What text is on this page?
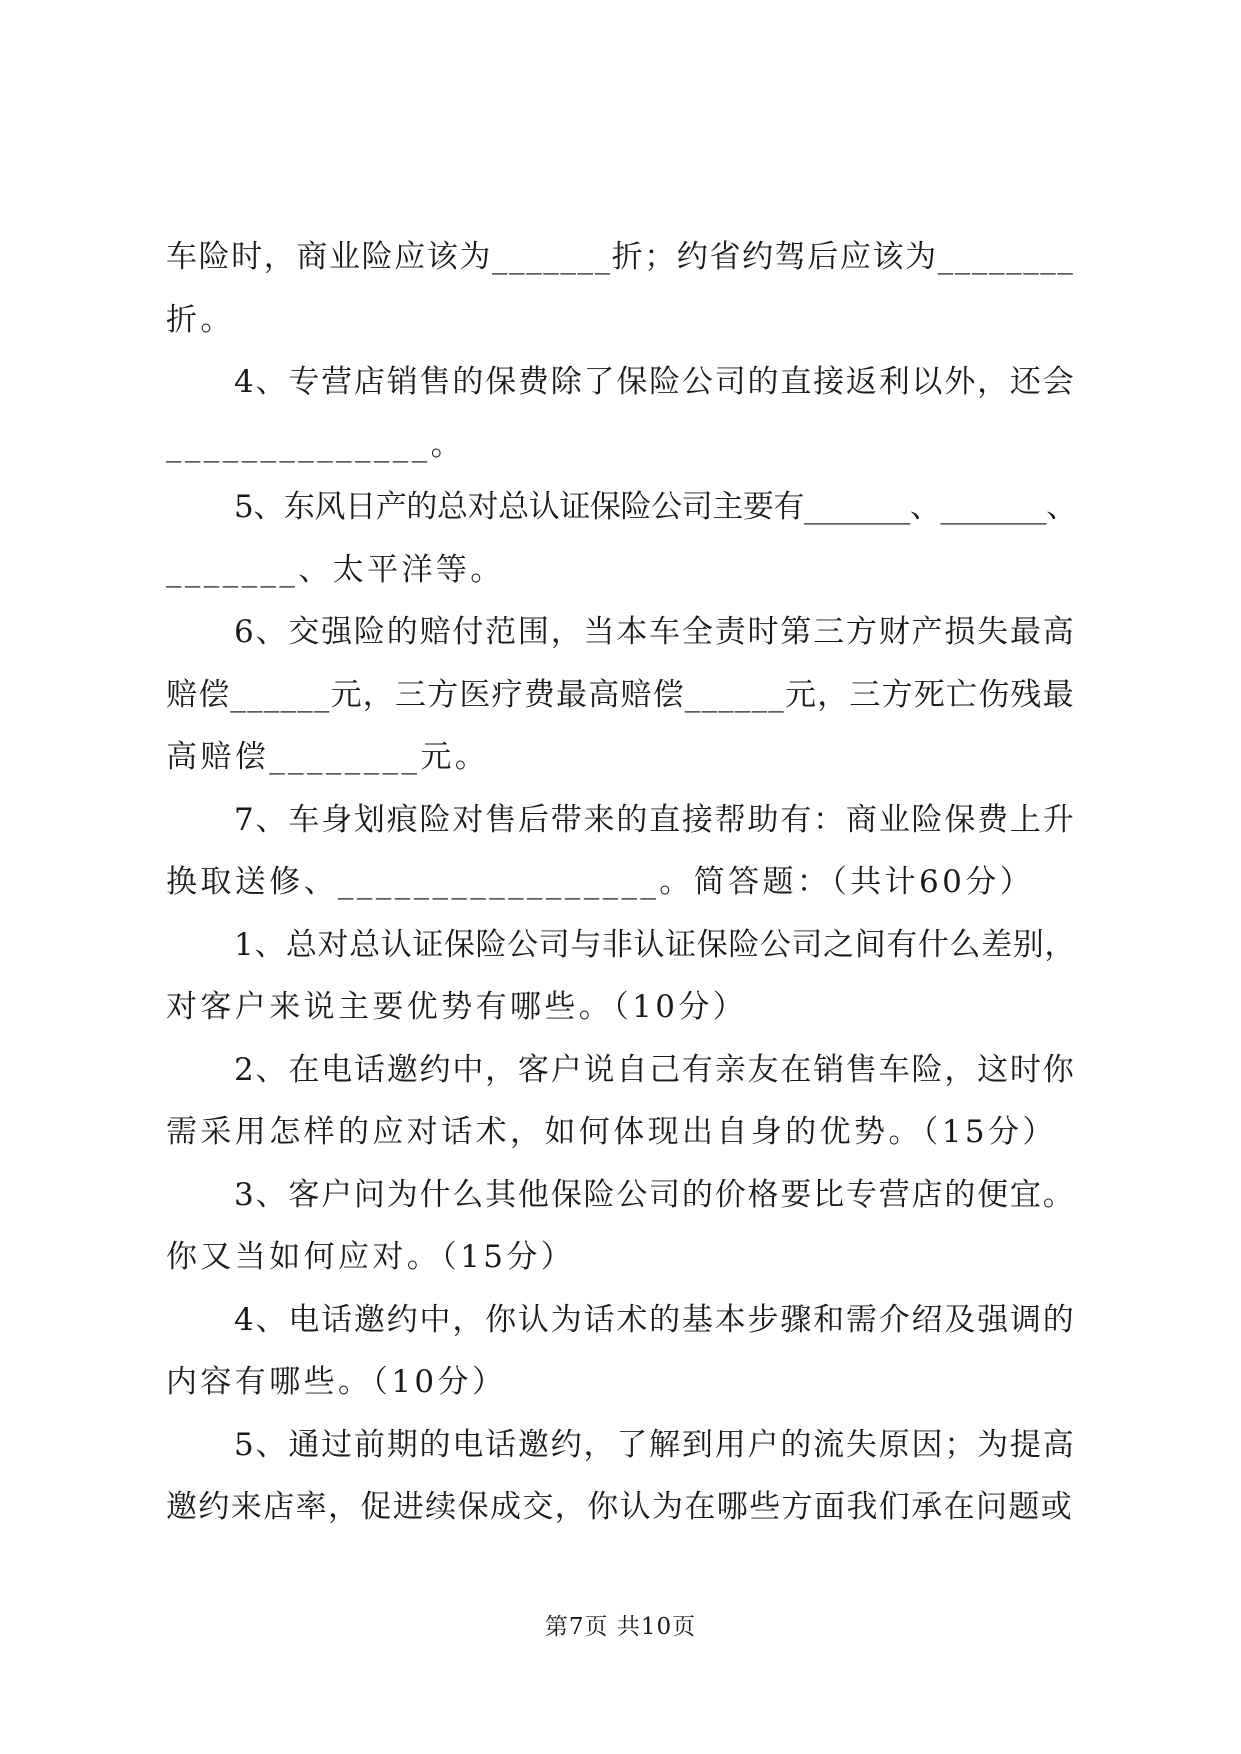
车险时，商业险应该为_______折；约省约驾后应该为________
折。
4、专营店销售的保费除了保险公司的直接返利以外，还会
______________。
5、东风日产的总对总认证保险公司主要有_______、_______、
_______、太平洋等。
6、交强险的赔付范围，当本车全责时第三方财产损失最高
赔偿______元，三方医疗费最高赔偿______元，三方死亡伤残最
高赔偿________元。
7、车身划痕险对售后带来的直接帮助有：商业险保费上升
换取送修、_________________。简答题：（共计60分）
1、总对总认证保险公司与非认证保险公司之间有什么差别，
对客户来说主要优势有哪些。（10分）
2、在电话邀约中，客户说自己有亲友在销售车险，这时你
需采用怎样的应对话术，如何体现出自身的优势。（15分）
3、客户问为什么其他保险公司的价格要比专营店的便宜。
你又当如何应对。（15分）
4、电话邀约中，你认为话术的基本步骤和需介绍及强调的
内容有哪些。（10分）
5、通过前期的电话邀约，了解到用户的流失原因；为提高
邀约来店率，促进续保成交，你认为在哪些方面我们承在问题或
第7页 共10页
